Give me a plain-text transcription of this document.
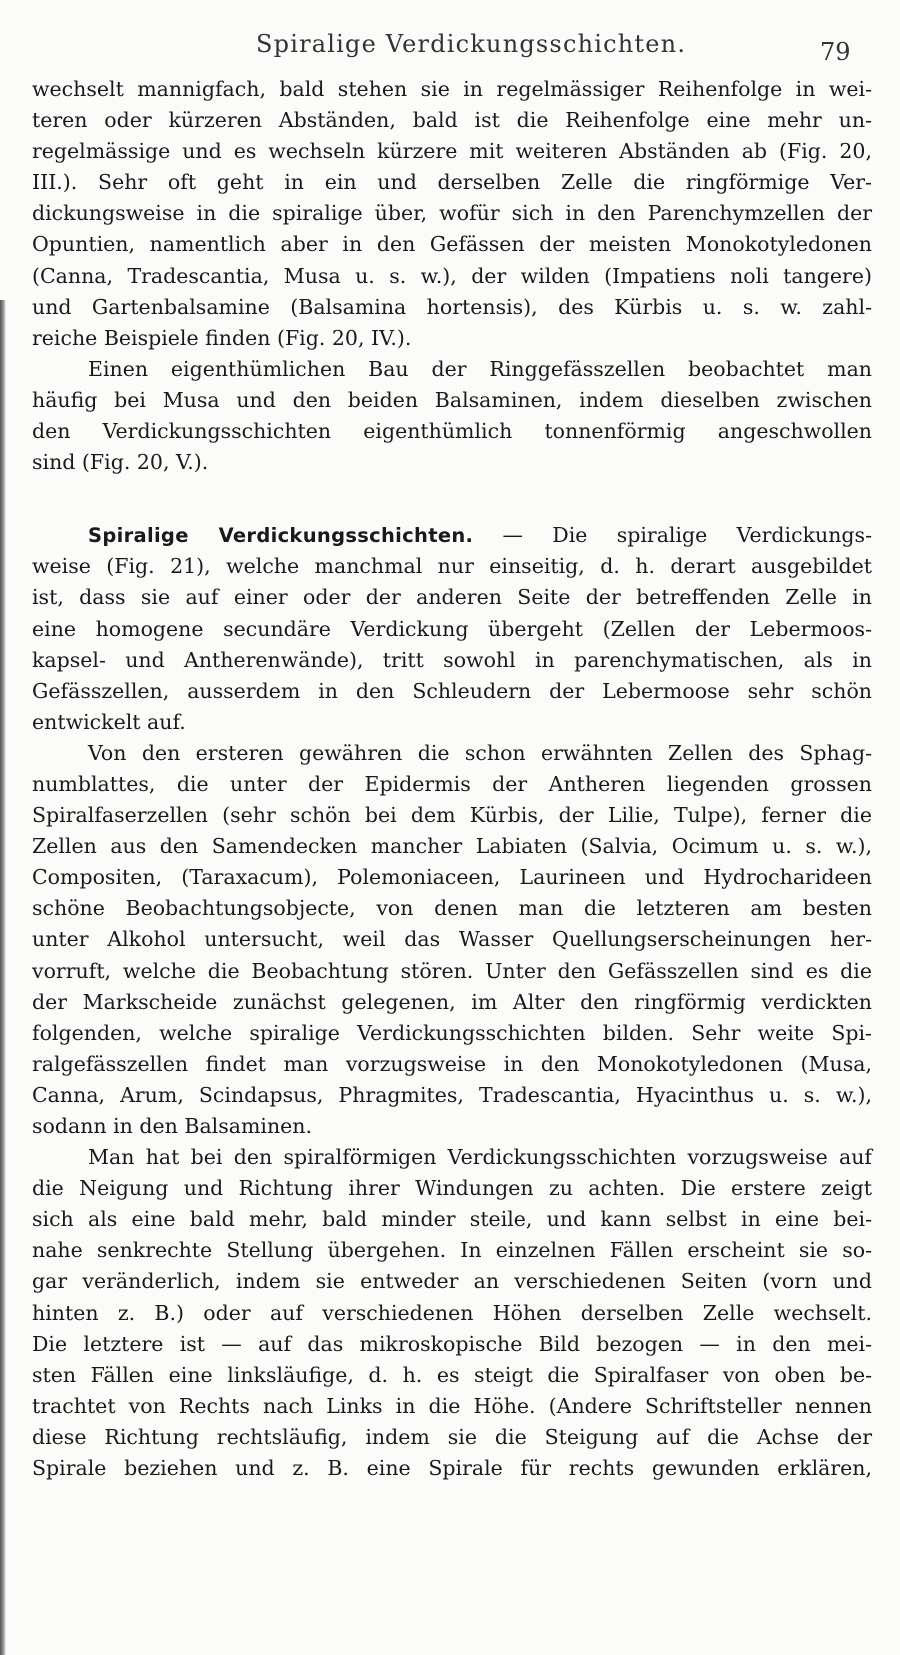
Spiralige Verdickungsschichten.	79
wechselt mannigfach, bald stehen sie in regelmässiger Reihenfolge in wei-
teren oder kürzeren Abständen, bald ist die Reihenfolge eine mehr un-
regelmässige und es wechseln kürzere mit weiteren Abständen ab (Fig. 20,
III.). Sehr oft geht in ein und derselben Zelle die ringförmige Ver-
dickungsweise in die spiralige über, wofür sich in den Parenchymzellen der
Opuntien, namentlich aber in den Gefässen der meisten Monokotyledonen
(Canna, Tradescantia, Musa u. s. w.), der wilden (Impatiens noli tangere)
und Gartenbalsamine (Balsamina hortensis), des Kürbis u. s. w. zahl-
reiche Beispiele finden (Fig. 20, IV.).
Einen eigenthümlichen Bau der Ringgefässzellen beobachtet man
häufig bei Musa und den beiden Balsaminen, indem dieselben zwischen
den Verdickungsschichten eigenthümlich tonnenförmig angeschwollen
sind (Fig. 20, V.).
Spiralige Verdickungsschichten. — Die spiralige Verdickungs-
weise (Fig. 21), welche manchmal nur einseitig, d. h. derart ausgebildet
ist, dass sie auf einer oder der anderen Seite der betreffenden Zelle in
eine homogene secundäre Verdickung übergeht (Zellen der Lebermoos-
kapsel- und Antherenwände), tritt sowohl in parenchymatischen, als in
Gefässzellen, ausserdem in den Schleudern der Lebermoose sehr schön
entwickelt auf.
Von den ersteren gewähren die schon erwähnten Zellen des Sphag-
numblattes, die unter der Epidermis der Antheren liegenden grossen
Spiralfaserzellen (sehr schön bei dem Kürbis, der Lilie, Tulpe), ferner die
Zellen aus den Samendecken mancher Labiaten (Salvia, Ocimum u. s. w.),
Compositen, (Taraxacum), Polemoniaceen, Laurineen und Hydrocharideen
schöne Beobachtungsobjecte, von denen man die letzteren am besten
unter Alkohol untersucht, weil das Wasser Quellungserscheinungen her-
vorruft, welche die Beobachtung stören. Unter den Gefässzellen sind es die
der Markscheide zunächst gelegenen, im Alter den ringförmig verdickten
folgenden, welche spiralige Verdickungsschichten bilden. Sehr weite Spi-
ralgefässzellen findet man vorzugsweise in den Monokotyledonen (Musa,
Canna, Arum, Scindapsus, Phragmites, Tradescantia, Hyacinthus u. s. w.),
sodann in den Balsaminen.
Man hat bei den spiralförmigen Verdickungsschichten vorzugsweise auf
die Neigung und Richtung ihrer Windungen zu achten. Die erstere zeigt
sich als eine bald mehr, bald minder steile, und kann selbst in eine bei-
nahe senkrechte Stellung übergehen. In einzelnen Fällen erscheint sie so-
gar veränderlich, indem sie entweder an verschiedenen Seiten (vorn und
hinten z. B.) oder auf verschiedenen Höhen derselben Zelle wechselt.
Die letztere ist — auf das mikroskopische Bild bezogen — in den mei-
sten Fällen eine linksläufige, d. h. es steigt die Spiralfaser von oben be-
trachtet von Rechts nach Links in die Höhe. (Andere Schriftsteller nennen
diese Richtung rechtsläufig, indem sie die Steigung auf die Achse der
Spirale beziehen und z. B. eine Spirale für rechts gewunden erklären,
